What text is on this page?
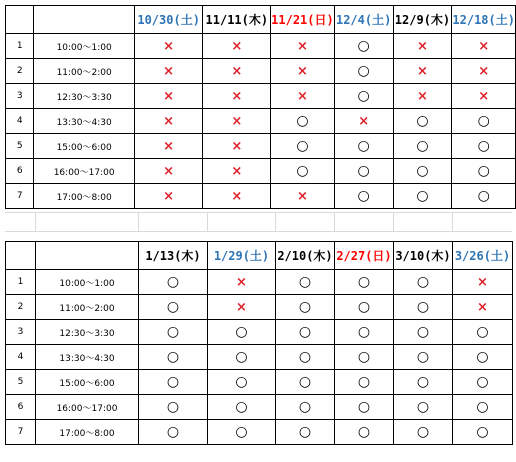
		10/30(土)	11/11(木)	11/21(日)	12/4(土)	12/9(木)	12/18(土)
1	10:00〜1:00	×	×	×	○	×	×
2	11:00〜2:00	×	×	×	○	×	×
3	12:30〜3:30	×	×	×	○	×	×
4	13:30〜4:30	×	×	○	×	○	○
5	15:00〜6:00	×	×	○	○	○	○
6	16:00〜17:00	×	×	○	○	○	○
7	17:00〜8:00	×	×	×	○	○	○
		1/13(木)	1/29(土)	2/10(木)	2/27(日)	3/10(木)	3/26(土)
1	10:00〜1:00	○	×	○	○	○	×
2	11:00〜2:00	○	×	○	○	○	×
3	12:30〜3:30	○	○	○	○	○	○
4	13:30〜4:30	○	○	○	○	○	○
5	15:00〜6:00	○	○	○	○	○	○
6	16:00〜17:00	○	○	○	○	○	○
7	17:00〜8:00	○	○	○	○	○	○
